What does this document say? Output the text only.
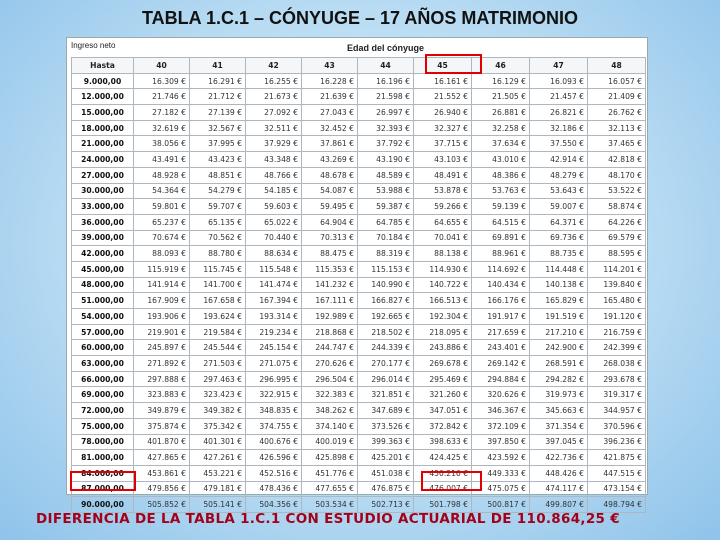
TABLA 1.C.1 – CÓNYUGE – 17 AÑOS MATRIMONIO
Ingreso neto	Edad del cónyuge
Hasta	40	41	42	43	44	45	46	47	48
9.000,00	16.309 €	16.291 €	16.255 €	16.228 €	16.196 €	16.161 €	16.129 €	16.093 €	16.057 €
12.000,00	21.746 €	21.712 €	21.673 €	21.639 €	21.598 €	21.552 €	21.505 €	21.457 €	21.409 €
15.000,00	27.182 €	27.139 €	27.092 €	27.043 €	26.997 €	26.940 €	26.881 €	26.821 €	26.762 €
18.000,00	32.619 €	32.567 €	32.511 €	32.452 €	32.393 €	32.327 €	32.258 €	32.186 €	32.113 €
21.000,00	38.056 €	37.995 €	37.929 €	37.861 €	37.792 €	37.715 €	37.634 €	37.550 €	37.465 €
24.000,00	43.491 €	43.423 €	43.348 €	43.269 €	43.190 €	43.103 €	43.010 €	42.914 €	42.818 €
27.000,00	48.928 €	48.851 €	48.766 €	48.678 €	48.589 €	48.491 €	48.386 €	48.279 €	48.170 €
30.000,00	54.364 €	54.279 €	54.185 €	54.087 €	53.988 €	53.878 €	53.763 €	53.643 €	53.522 €
33.000,00	59.801 €	59.707 €	59.603 €	59.495 €	59.387 €	59.266 €	59.139 €	59.007 €	58.874 €
36.000,00	65.237 €	65.135 €	65.022 €	64.904 €	64.785 €	64.655 €	64.515 €	64.371 €	64.226 €
39.000,00	70.674 €	70.562 €	70.440 €	70.313 €	70.184 €	70.041 €	69.891 €	69.736 €	69.579 €
42.000,00	88.093 €	88.780 €	88.634 €	88.475 €	88.319 €	88.138 €	88.961 €	88.735 €	88.595 €
45.000,00	115.919 €	115.745 €	115.548 €	115.353 €	115.153 €	114.930 €	114.692 €	114.448 €	114.201 €
48.000,00	141.914 €	141.700 €	141.474 €	141.232 €	140.990 €	140.722 €	140.434 €	140.138 €	139.840 €
51.000,00	167.909 €	167.658 €	167.394 €	167.111 €	166.827 €	166.513 €	166.176 €	165.829 €	165.480 €
54.000,00	193.906 €	193.624 €	193.314 €	192.989 €	192.665 €	192.304 €	191.917 €	191.519 €	191.120 €
57.000,00	219.901 €	219.584 €	219.234 €	218.868 €	218.502 €	218.095 €	217.659 €	217.210 €	216.759 €
60.000,00	245.897 €	245.544 €	245.154 €	244.747 €	244.339 €	243.886 €	243.401 €	242.900 €	242.399 €
63.000,00	271.892 €	271.503 €	271.075 €	270.626 €	270.177 €	269.678 €	269.142 €	268.591 €	268.038 €
66.000,00	297.888 €	297.463 €	296.995 €	296.504 €	296.014 €	295.469 €	294.884 €	294.282 €	293.678 €
69.000,00	323.883 €	323.423 €	322.915 €	322.383 €	321.851 €	321.260 €	320.626 €	319.973 €	319.317 €
72.000,00	349.879 €	349.382 €	348.835 €	348.262 €	347.689 €	347.051 €	346.367 €	345.663 €	344.957 €
75.000,00	375.874 €	375.342 €	374.755 €	374.140 €	373.526 €	372.842 €	372.109 €	371.354 €	370.596 €
78.000,00	401.870 €	401.301 €	400.676 €	400.019 €	399.363 €	398.633 €	397.850 €	397.045 €	396.236 €
81.000,00	427.865 €	427.261 €	426.596 €	425.898 €	425.201 €	424.425 €	423.592 €	422.736 €	421.875 €
84.000,00	453.861 €	453.221 €	452.516 €	451.776 €	451.038 €	450.216 €	449.333 €	448.426 €	447.515 €
87.000,00	479.856 €	479.181 €	478.436 €	477.655 €	476.875 €	476.007 €	475.075 €	474.117 €	473.154 €
90.000,00	505.852 €	505.141 €	504.356 €	503.534 €	502.713 €	501.798 €	500.817 €	499.807 €	498.794 €
DIFERENCIA DE LA TABLA 1.C.1 CON ESTUDIO ACTUARIAL DE 110.864,25 €
